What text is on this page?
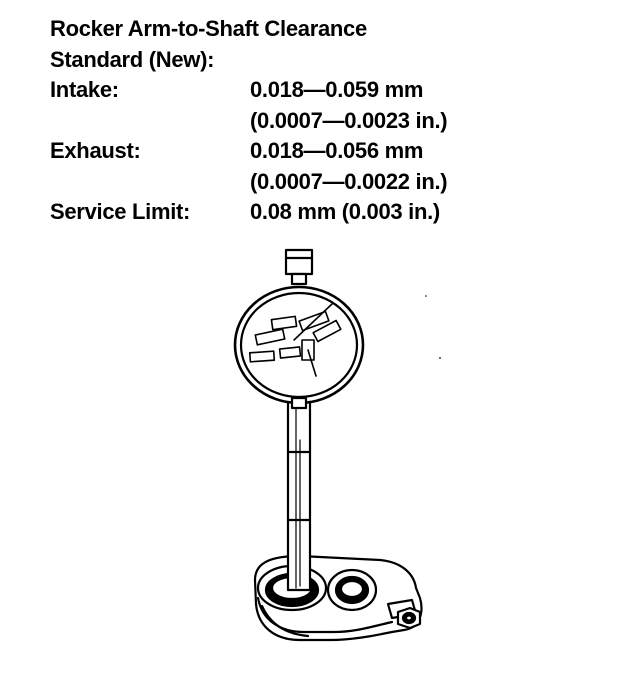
Rocker Arm-to-Shaft Clearance
Standard (New):
Intake:	0.018—0.059 mm
(0.0007—0.0023 in.)
Exhaust:	0.018—0.056 mm
(0.0007—0.0022 in.)
Service Limit:	0.08 mm (0.003 in.)
